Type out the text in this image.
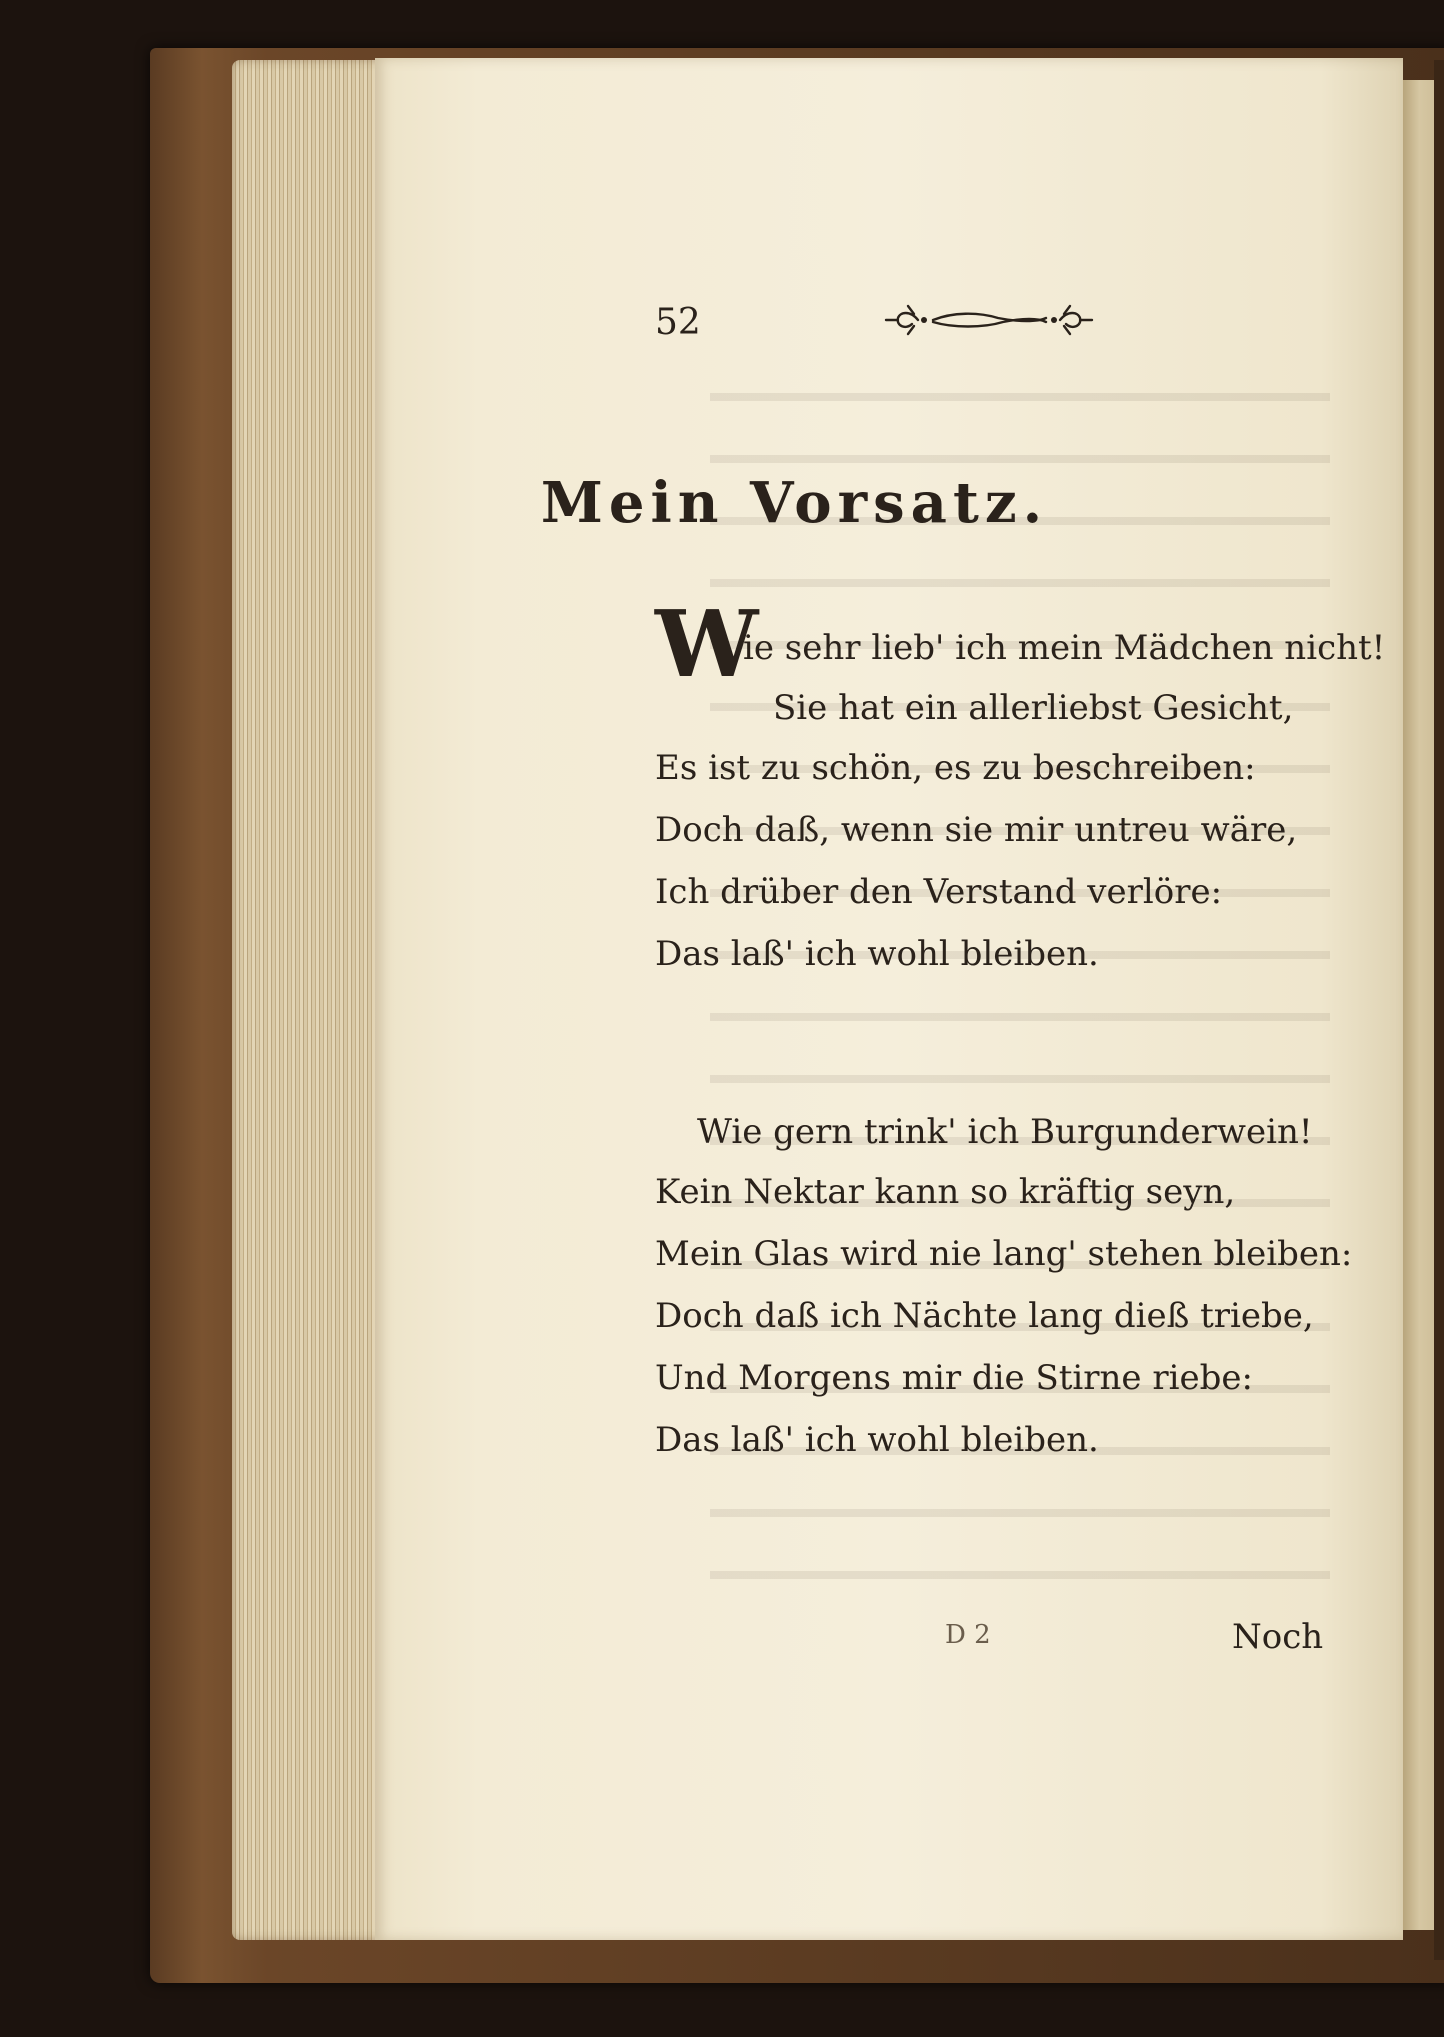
52
Mein Vorsatz.
W
ie sehr lieb' ich mein Mädchen nicht!
Sie hat ein allerliebst Gesicht,
Es ist zu schön, es zu beschreiben:
Doch daß, wenn sie mir untreu wäre,
Ich drüber den Verstand verlöre:
Das laß' ich wohl bleiben.
Wie gern trink' ich Burgunderwein!
Kein Nektar kann so kräftig seyn,
Mein Glas wird nie lang' stehen bleiben:
Doch daß ich Nächte lang dieß triebe,
Und Morgens mir die Stirne riebe:
Das laß' ich wohl bleiben.
D 2	Noch
